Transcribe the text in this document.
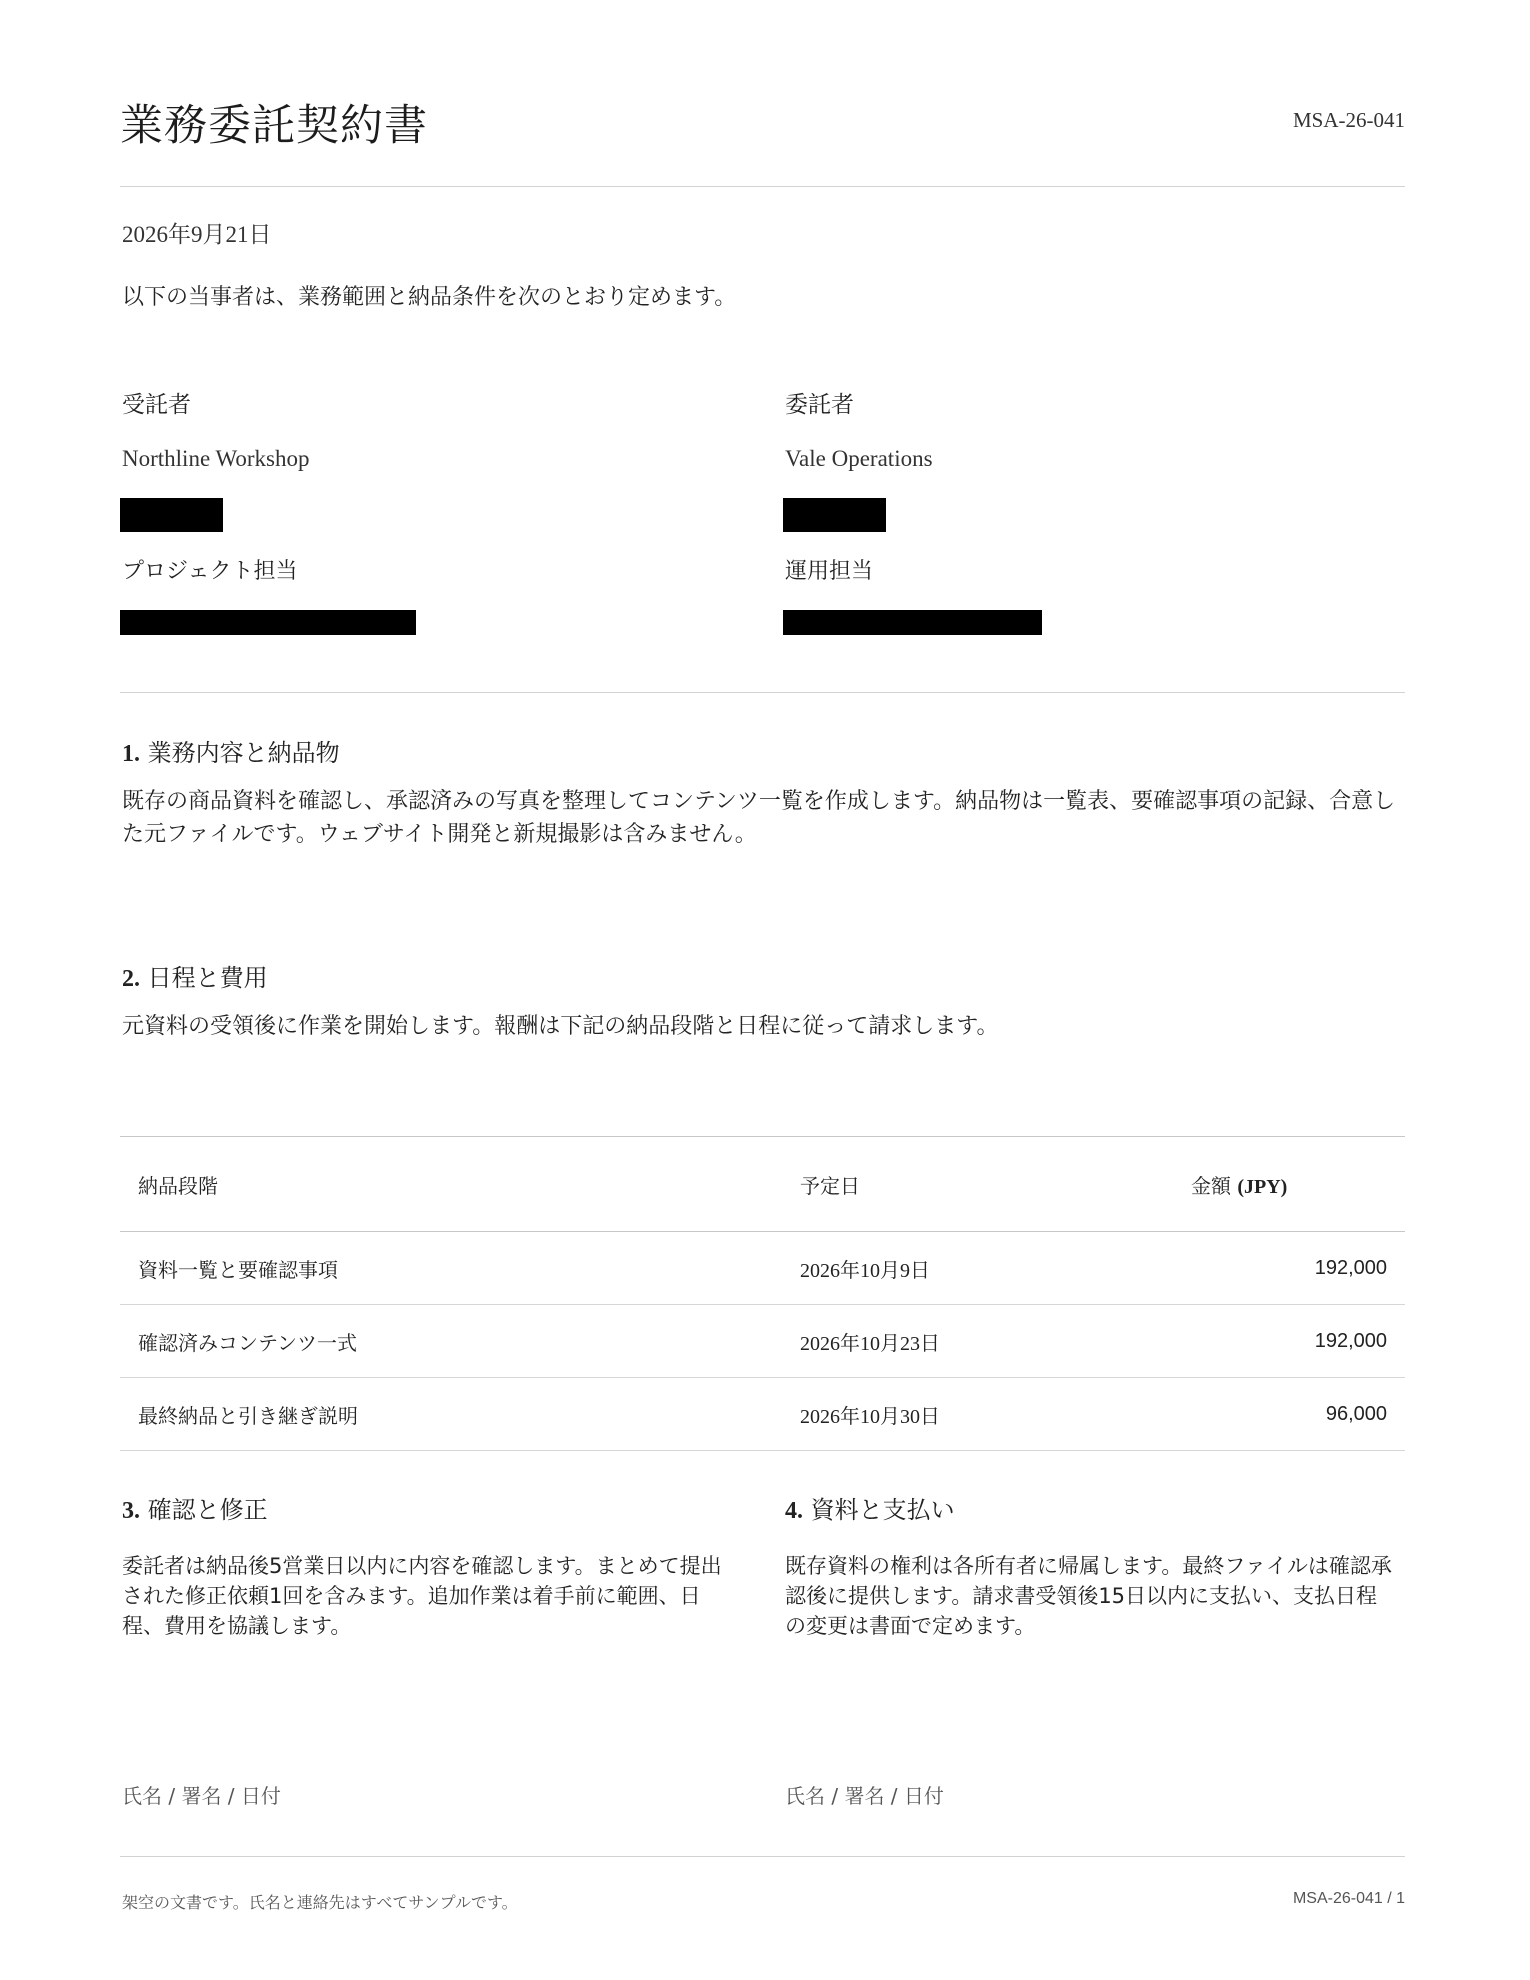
業務委託契約書	MSA-26-041
2026年9月21日
以下の当事者は、業務範囲と納品条件を次のとおり定めます。
受託者
Northline Workshop
プロジェクト担当
委託者
Vale Operations
運用担当
1. 業務内容と納品物
既存の商品資料を確認し、承認済みの写真を整理してコンテンツ一覧を作成します。納品物は一覧表、要確認事項の記録、合意した元ファイルです。ウェブサイト開発と新規撮影は含みません。
2. 日程と費用
元資料の受領後に作業を開始します。報酬は下記の納品段階と日程に従って請求します。
納品段階	予定日	金額 (JPY)
資料一覧と要確認事項	2026年10月9日	192,000
確認済みコンテンツ一式	2026年10月23日	192,000
最終納品と引き継ぎ説明	2026年10月30日	96,000
3. 確認と修正
委託者は納品後5営業日以内に内容を確認します。まとめて提出された修正依頼1回を含みます。追加作業は着手前に範囲、日程、費用を協議します。
4. 資料と支払い
既存資料の権利は各所有者に帰属します。最終ファイルは確認承認後に提供します。請求書受領後15日以内に支払い、支払日程の変更は書面で定めます。
氏名 / 署名 / 日付	氏名 / 署名 / 日付
架空の文書です。氏名と連絡先はすべてサンプルです。	MSA-26-041 / 1
